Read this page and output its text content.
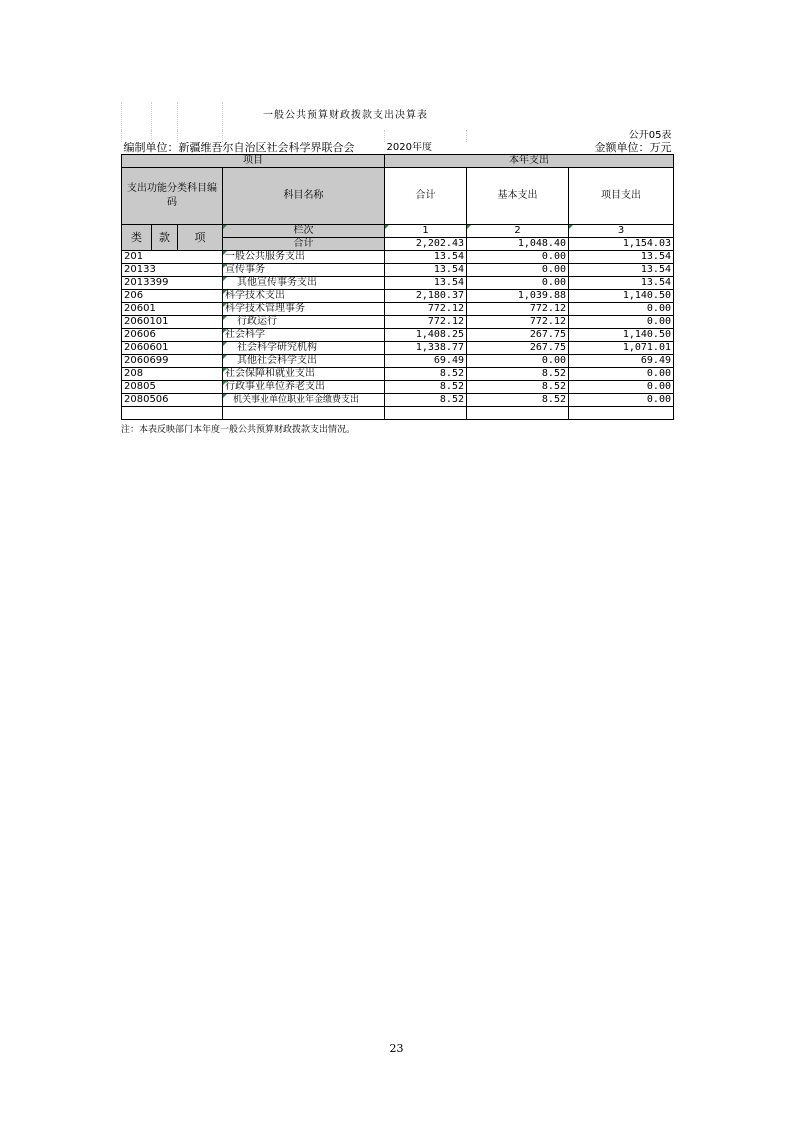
			一般公共预算财政拨款支出决算表			
						公开05表
编制单位：新疆维吾尔自治区社会科学界联合会				2020年度		金额单位：万元
项目				本年支出		
支出功能分类科目编码			科目名称	合计	基本支出	项目支出
类	款	项	栏次	1	2	3
			合计	2,202.43	1,048.40	1,154.03
201			一般公共服务支出	13.54	0.00	13.54
20133			宣传事务	13.54	0.00	13.54
2013399			其他宣传事务支出	13.54	0.00	13.54
206			科学技术支出	2,180.37	1,039.88	1,140.50
20601			科学技术管理事务	772.12	772.12	0.00
2060101			行政运行	772.12	772.12	0.00
20606			社会科学	1,408.25	267.75	1,140.50
2060601			社会科学研究机构	1,338.77	267.75	1,071.01
2060699			其他社会科学支出	69.49	0.00	69.49
208			社会保障和就业支出	8.52	8.52	0.00
20805			行政事业单位养老支出	8.52	8.52	0.00
2080506			机关事业单位职业年金缴费支出	8.52	8.52	0.00

注：本表反映部门本年度一般公共预算财政拨款支出情况。
23
